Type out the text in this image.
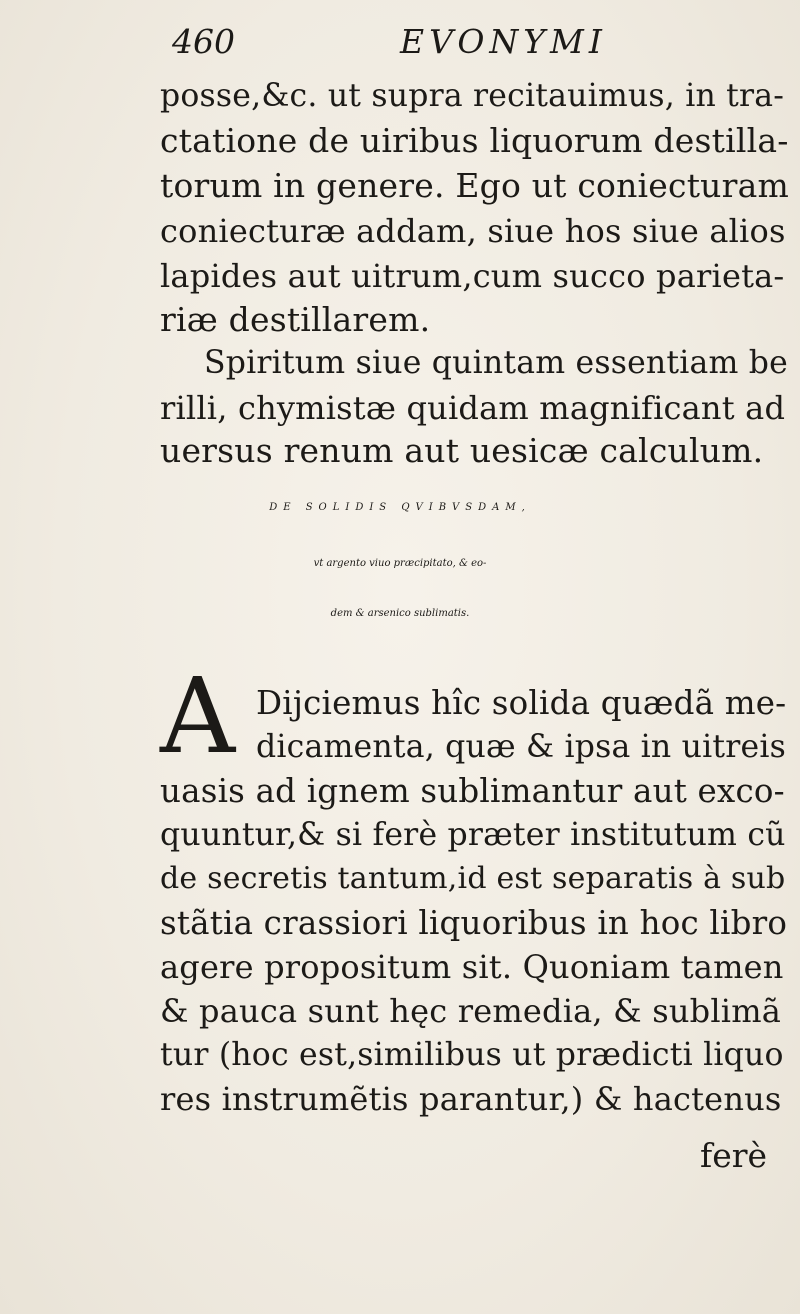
460	EVONYMI

posse,&c. ut supra recitauimus, in tra-

ctatione de uiribus liquorum destilla-

torum in genere. Ego ut coniecturam

coniecturæ addam, siue hos siue alios

lapides aut uitrum,cum succo parieta-

riæ destillarem.

Spiritum siue quintam essentiam be

rilli, chymistæ quidam magnificant ad

uersus renum aut uesicæ calculum.

DE SOLIDIS QVIBVSDAM,

vt argento viuo præcipitato, & eo-

dem & arsenico sublimatis.

A Dijciemus hîc solida quædã me-

dicamenta, quæ & ipsa in uitreis

uasis ad ignem sublimantur aut exco-

quuntur,& si ferè præter institutum cũ

de secretis tantum,id est separatis à sub

stãtia crassiori liquoribus in hoc libro

agere propositum sit. Quoniam tamen

& pauca sunt hęc remedia, & sublimã

tur (hoc est,similibus ut prædicti liquo

res instrumẽtis parantur,) & hactenus

ferè
